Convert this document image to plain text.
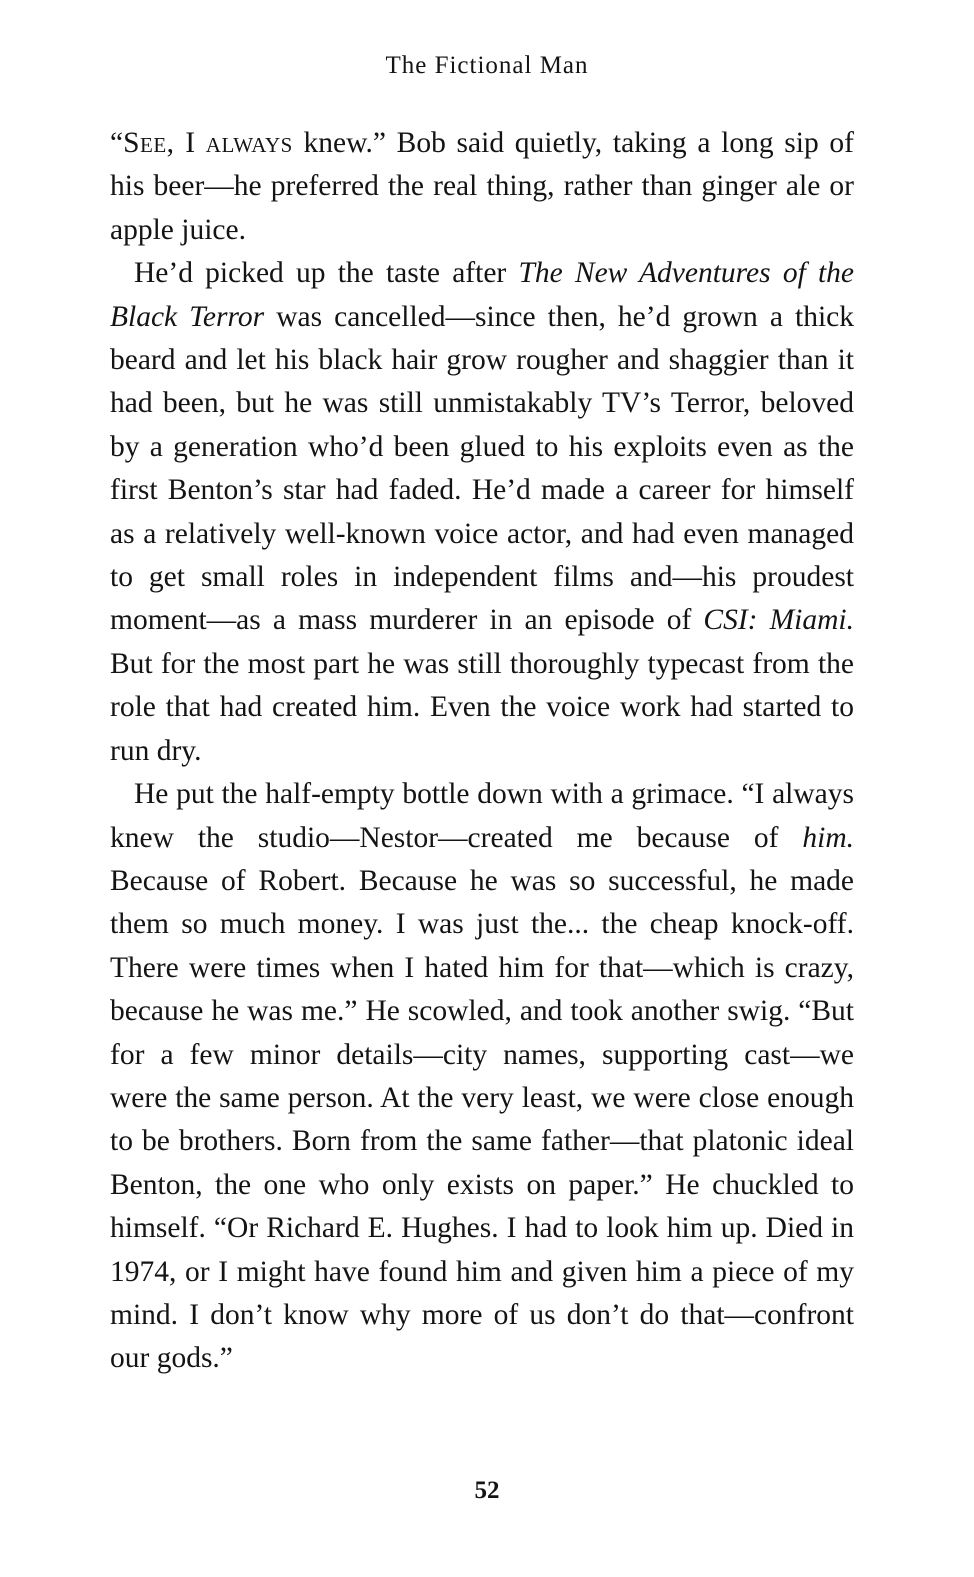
The Fictional Man

“See, I always knew.” Bob said quietly, taking a long sip of his beer—he preferred the real thing, rather than ginger ale or apple juice.

He’d picked up the taste after The New Adventures of the Black Terror was cancelled—since then, he’d grown a thick beard and let his black hair grow rougher and shaggier than it had been, but he was still unmistakably TV’s Terror, beloved by a generation who’d been glued to his exploits even as the first Benton’s star had faded. He’d made a career for himself as a relatively well-known voice actor, and had even managed to get small roles in independent films and—his proudest moment—as a mass murderer in an episode of CSI: Miami. But for the most part he was still thoroughly typecast from the role that had created him. Even the voice work had started to run dry.

He put the half-empty bottle down with a grimace. “I always knew the studio—Nestor—created me because of him. Because of Robert. Because he was so successful, he made them so much money. I was just the... the cheap knock-off. There were times when I hated him for that—which is crazy, because he was me.” He scowled, and took another swig. “But for a few minor details—city names, supporting cast—we were the same person. At the very least, we were close enough to be brothers. Born from the same father—that platonic ideal Benton, the one who only exists on paper.” He chuckled to himself. “Or Richard E. Hughes. I had to look him up. Died in 1974, or I might have found him and given him a piece of my mind. I don’t know why more of us don’t do that—confront our gods.”

52
